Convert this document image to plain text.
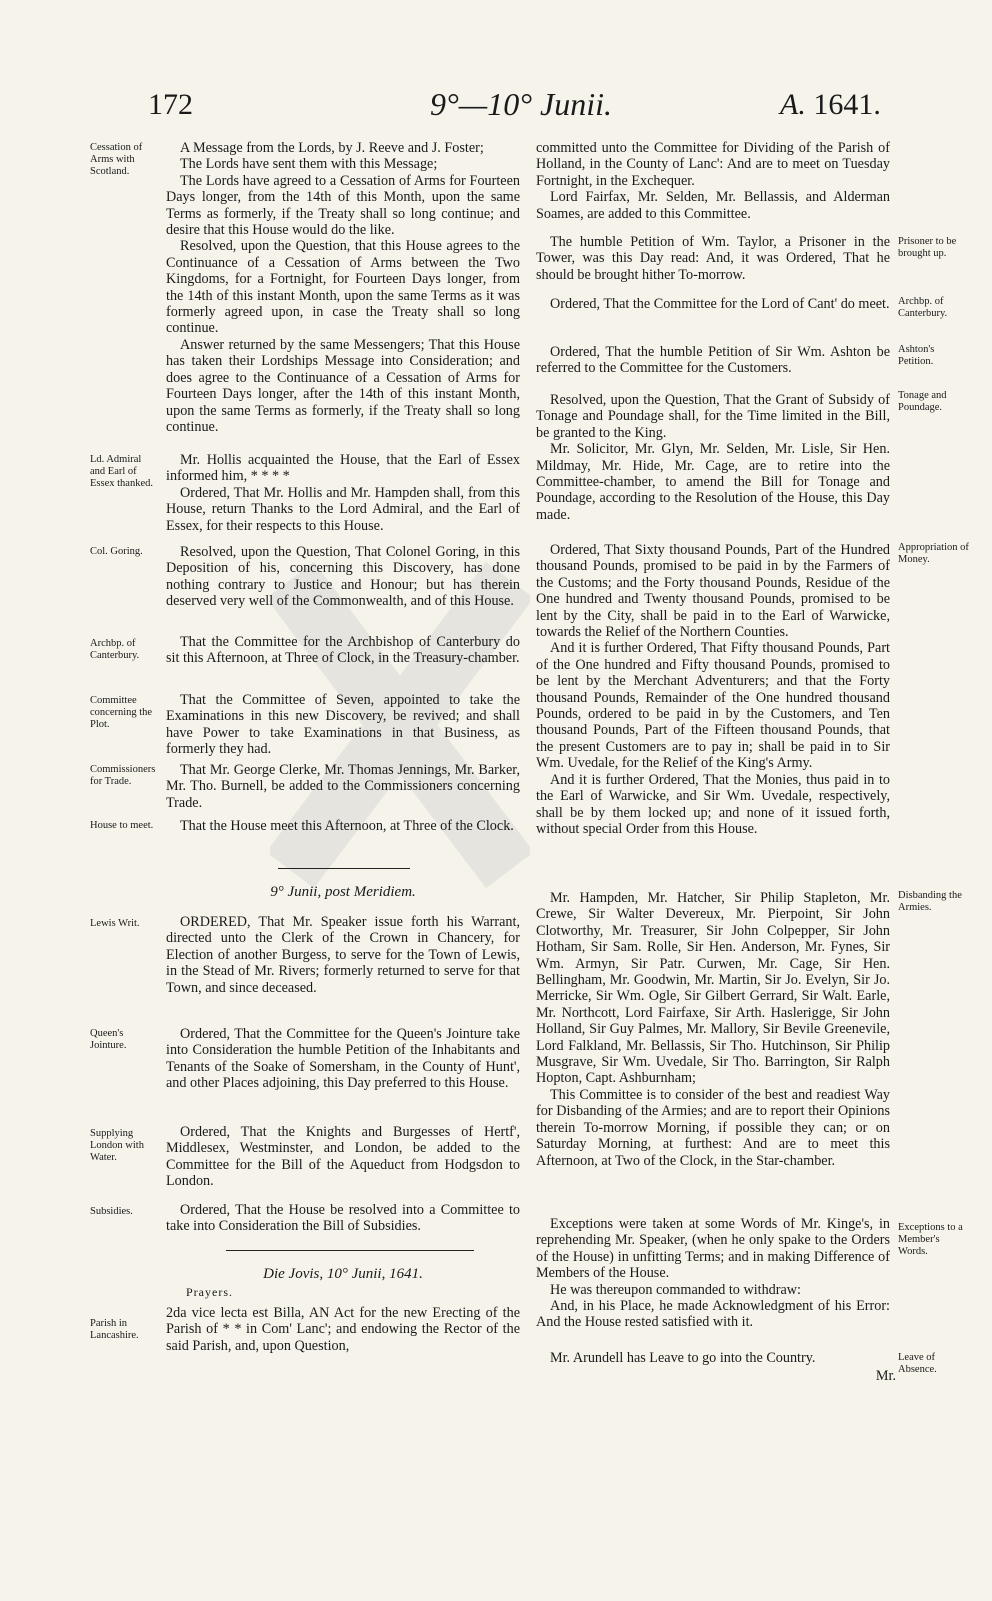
172	9°—10° Junii.	A. 1641.
Cessation of Arms with Scotland.
Ld. Admiral and Earl of Essex thanked.
Col. Goring.
Archbp. of Canterbury.
Committee concerning the Plot.
Commissioners for Trade.
House to meet.
Lewis Writ.
Queen's Jointure.
Supplying London with Water.
Subsidies.
Parish in Lancashire.

A Message from the Lords, by J. Reeve and J. Foster;

The Lords have sent them with this Message;

The Lords have agreed to a Cessation of Arms for Fourteen Days longer, from the 14th of this Month, upon the same Terms as formerly, if the Treaty shall so long continue; and desire that this House would do the like.

Resolved, upon the Question, that this House agrees to the Continuance of a Cessation of Arms between the Two Kingdoms, for a Fortnight, for Fourteen Days longer, from the 14th of this instant Month, upon the same Terms as it was formerly agreed upon, in case the Treaty shall so long continue.

Answer returned by the same Messengers; That this House has taken their Lordships Message into Consideration; and does agree to the Continuance of a Cessation of Arms for Fourteen Days longer, after the 14th of this instant Month, upon the same Terms as formerly, if the Treaty shall so long continue.

Mr. Hollis acquainted the House, that the Earl of Essex informed him, * * * *

Ordered, That Mr. Hollis and Mr. Hampden shall, from this House, return Thanks to the Lord Admiral, and the Earl of Essex, for their respects to this House.

Resolved, upon the Question, That Colonel Goring, in this Deposition of his, concerning this Discovery, has done nothing contrary to Justice and Honour; but has therein deserved very well of the Commonwealth, and of this House.

That the Committee for the Archbishop of Canterbury do sit this Afternoon, at Three of Clock, in the Treasury-chamber.

That the Committee of Seven, appointed to take the Examinations in this new Discovery, be revived; and shall have Power to take Examinations in that Business, as formerly they had.

That Mr. George Clerke, Mr. Thomas Jennings, Mr. Barker, Mr. Tho. Burnell, be added to the Commissioners concerning Trade.

That the House meet this Afternoon, at Three of the Clock.

9° Junii, post Meridiem.

ORDERED, That Mr. Speaker issue forth his Warrant, directed unto the Clerk of the Crown in Chancery, for Election of another Burgess, to serve for the Town of Lewis, in the Stead of Mr. Rivers; formerly returned to serve for that Town, and since deceased.

Ordered, That the Committee for the Queen's Jointure take into Consideration the humble Petition of the Inhabitants and Tenants of the Soake of Somersham, in the County of Hunt', and other Places adjoining, this Day preferred to this House.

Ordered, That the Knights and Burgesses of Hertf', Middlesex, Westminster, and London, be added to the Committee for the Bill of the Aqueduct from Hodgsdon to London.

Ordered, That the House be resolved into a Committee to take into Consideration the Bill of Subsidies.

Die Jovis, 10° Junii, 1641.

Prayers.

2da vice lecta est Billa, AN Act for the new Erecting of the Parish of * * in Com' Lanc'; and endowing the Rector of the said Parish, and, upon Question,

committed unto the Committee for Dividing of the Parish of Holland, in the County of Lanc': And are to meet on Tuesday Fortnight, in the Exchequer.

Lord Fairfax, Mr. Selden, Mr. Bellassis, and Alderman Soames, are added to this Committee.

The humble Petition of Wm. Taylor, a Prisoner in the Tower, was this Day read: And, it was Ordered, That he should be brought hither To-morrow.

Ordered, That the Committee for the Lord of Cant' do meet.

Ordered, That the humble Petition of Sir Wm. Ashton be referred to the Committee for the Customers.

Resolved, upon the Question, That the Grant of Subsidy of Tonage and Poundage shall, for the Time limited in the Bill, be granted to the King.

Mr. Solicitor, Mr. Glyn, Mr. Selden, Mr. Lisle, Sir Hen. Mildmay, Mr. Hide, Mr. Cage, are to retire into the Committee-chamber, to amend the Bill for Tonage and Poundage, according to the Resolution of the House, this Day made.

Ordered, That Sixty thousand Pounds, Part of the Hundred thousand Pounds, promised to be paid in by the Farmers of the Customs; and the Forty thousand Pounds, Residue of the One hundred and Twenty thousand Pounds, promised to be lent by the City, shall be paid in to the Earl of Warwicke, towards the Relief of the Northern Counties.

And it is further Ordered, That Fifty thousand Pounds, Part of the One hundred and Fifty thousand Pounds, promised to be lent by the Merchant Adventurers; and that the Forty thousand Pounds, Remainder of the One hundred thousand Pounds, ordered to be paid in by the Customers, and Ten thousand Pounds, Part of the Fifteen thousand Pounds, that the present Customers are to pay in; shall be paid in to Sir Wm. Uvedale, for the Relief of the King's Army.

And it is further Ordered, That the Monies, thus paid in to the Earl of Warwicke, and Sir Wm. Uvedale, respectively, shall be by them locked up; and none of it issued forth, without special Order from this House.

Mr. Hampden, Mr. Hatcher, Sir Philip Stapleton, Mr. Crewe, Sir Walter Devereux, Mr. Pierpoint, Sir John Clotworthy, Mr. Treasurer, Sir John Colpepper, Sir John Hotham, Sir Sam. Rolle, Sir Hen. Anderson, Mr. Fynes, Sir Wm. Armyn, Sir Patr. Curwen, Mr. Cage, Sir Hen. Bellingham, Mr. Goodwin, Mr. Martin, Sir Jo. Evelyn, Sir Jo. Merricke, Sir Wm. Ogle, Sir Gilbert Gerrard, Sir Walt. Earle, Mr. Northcott, Lord Fairfaxe, Sir Arth. Haslerigge, Sir John Holland, Sir Guy Palmes, Mr. Mallory, Sir Bevile Greenevile, Lord Falkland, Mr. Bellassis, Sir Tho. Hutchinson, Sir Philip Musgrave, Sir Wm. Uvedale, Sir Tho. Barrington, Sir Ralph Hopton, Capt. Ashburnham;

This Committee is to consider of the best and readiest Way for Disbanding of the Armies; and are to report their Opinions therein To-morrow Morning, if possible they can; or on Saturday Morning, at furthest: And are to meet this Afternoon, at Two of the Clock, in the Star-chamber.

Exceptions were taken at some Words of Mr. Kinge's, in reprehending Mr. Speaker, (when he only spake to the Orders of the House) in unfitting Terms; and in making Difference of Members of the House.

He was thereupon commanded to withdraw:

And, in his Place, he made Acknowledgment of his Error: And the House rested satisfied with it.

Mr. Arundell has Leave to go into the Country.

Mr.
Prisoner to be brought up.
Archbp. of Canterbury.
Ashton's Petition.
Tonage and Poundage.
Appropriation of Money.
Disbanding the Armies.
Exceptions to a Member's Words.
Leave of Absence.
